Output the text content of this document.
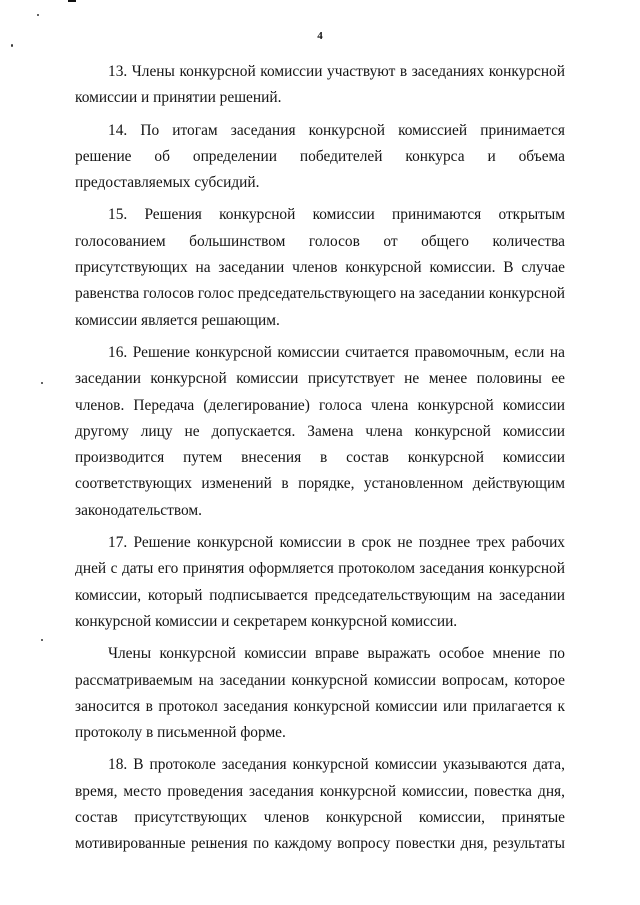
4

13. Члены конкурсной комиссии участвуют в заседаниях конкурсной комиссии и принятии решений.

14. По итогам заседания конкурсной комиссией принимается решение об определении победителей конкурса и объема предоставляемых субсидий.

15. Решения конкурсной комиссии принимаются открытым голосованием большинством голосов от общего количества присутствующих на заседании членов конкурсной комиссии. В случае равенства голосов голос председательствующего на заседании конкурсной комиссии является решающим.

16. Решение конкурсной комиссии считается правомочным, если на заседании конкурсной комиссии присутствует не менее половины ее членов. Передача (делегирование) голоса члена конкурсной комиссии другому лицу не допускается. Замена члена конкурсной комиссии производится путем внесения в состав конкурсной комиссии соответствующих изменений в порядке, установленном действующим законодательством.

17. Решение конкурсной комиссии в срок не позднее трех рабочих дней с даты его принятия оформляется протоколом заседания конкурсной комиссии, который подписывается председательствующим на заседании конкурсной комиссии и секретарем конкурсной комиссии.

Члены конкурсной комиссии вправе выражать особое мнение по рассматриваемым на заседании конкурсной комиссии вопросам, которое заносится в протокол заседания конкурсной комиссии или прилагается к протоколу в письменной форме.

18. В протоколе заседания конкурсной комиссии указываются дата, время, место проведения заседания конкурсной комиссии, повестка дня, состав присутствующих членов конкурсной комиссии, принятые мотивированные решения по каждому вопросу повестки дня, результаты
